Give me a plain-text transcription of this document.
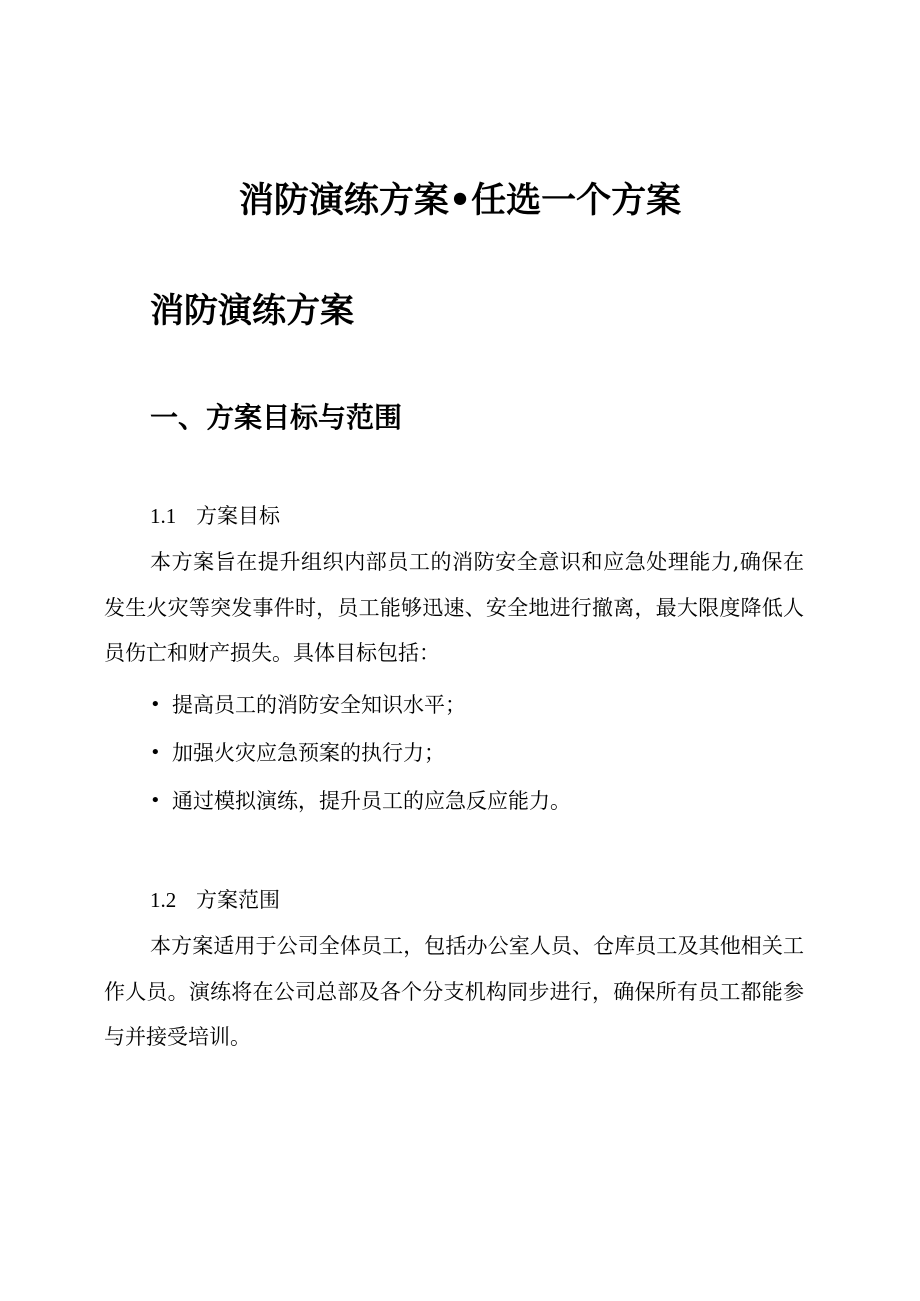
消防演练方案•任选一个方案
消防演练方案
一、方案目标与范围
1.1 方案目标

本方案旨在提升组织内部员工的消防安全意识和应急处理能力,确保在发生火灾等突发事件时，员工能够迅速、安全地进行撤离，最大限度降低人员伤亡和财产损失。具体目标包括：

• 提高员工的消防安全知识水平；
• 加强火灾应急预案的执行力；
• 通过模拟演练，提升员工的应急反应能力。
1.2 方案范围

本方案适用于公司全体员工，包括办公室人员、仓库员工及其他相关工作人员。演练将在公司总部及各个分支机构同步进行，确保所有员工都能参与并接受培训。
